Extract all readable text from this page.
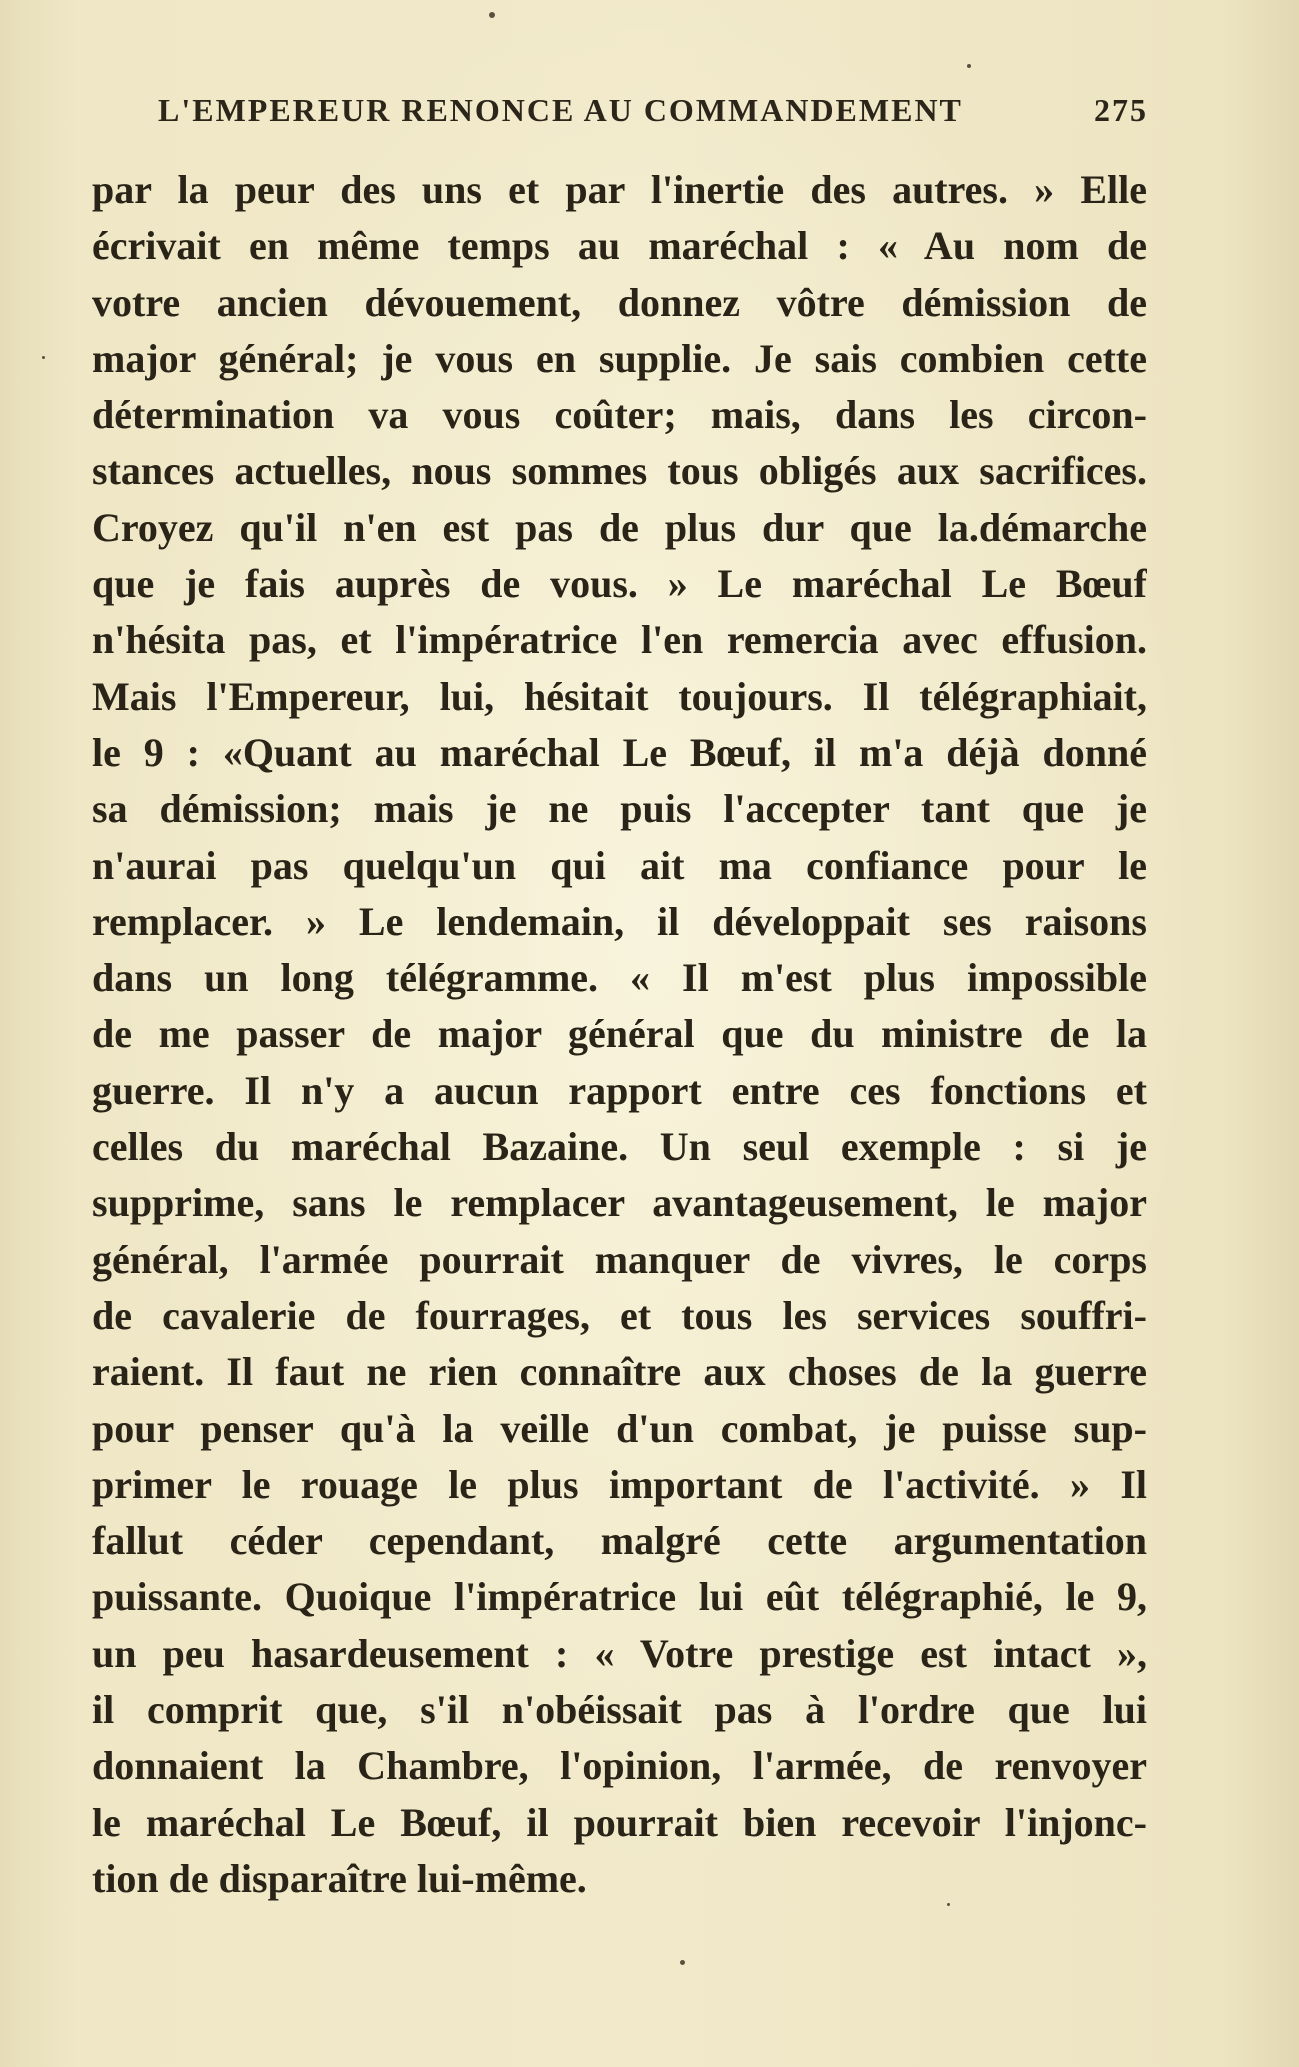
L'EMPEREUR RENONCE AU COMMANDEMENT	275
par la peur des uns et par l'inertie des autres. » Elle
écrivait en même temps au maréchal : « Au nom de
votre ancien dévouement, donnez vôtre démission de
major général; je vous en supplie. Je sais combien cette
détermination va vous coûter; mais, dans les circon-
stances actuelles, nous sommes tous obligés aux sacrifices.
Croyez qu'il n'en est pas de plus dur que la.démarche
que je fais auprès de vous. » Le maréchal Le Bœuf
n'hésita pas, et l'impératrice l'en remercia avec effusion.
Mais l'Empereur, lui, hésitait toujours. Il télégraphiait,
le 9 : «Quant au maréchal Le Bœuf, il m'a déjà donné
sa démission; mais je ne puis l'accepter tant que je
n'aurai pas quelqu'un qui ait ma confiance pour le
remplacer. » Le lendemain, il développait ses raisons
dans un long télégramme. « Il m'est plus impossible
de me passer de major général que du ministre de la
guerre. Il n'y a aucun rapport entre ces fonctions et
celles du maréchal Bazaine. Un seul exemple : si je
supprime, sans le remplacer avantageusement, le major
général, l'armée pourrait manquer de vivres, le corps
de cavalerie de fourrages, et tous les services souffri-
raient. Il faut ne rien connaître aux choses de la guerre
pour penser qu'à la veille d'un combat, je puisse sup-
primer le rouage le plus important de l'activité. » Il
fallut céder cependant, malgré cette argumentation
puissante. Quoique l'impératrice lui eût télégraphié, le 9,
un peu hasardeusement : « Votre prestige est intact »,
il comprit que, s'il n'obéissait pas à l'ordre que lui
donnaient la Chambre, l'opinion, l'armée, de renvoyer
le maréchal Le Bœuf, il pourrait bien recevoir l'injonc-
tion de disparaître lui-même.
